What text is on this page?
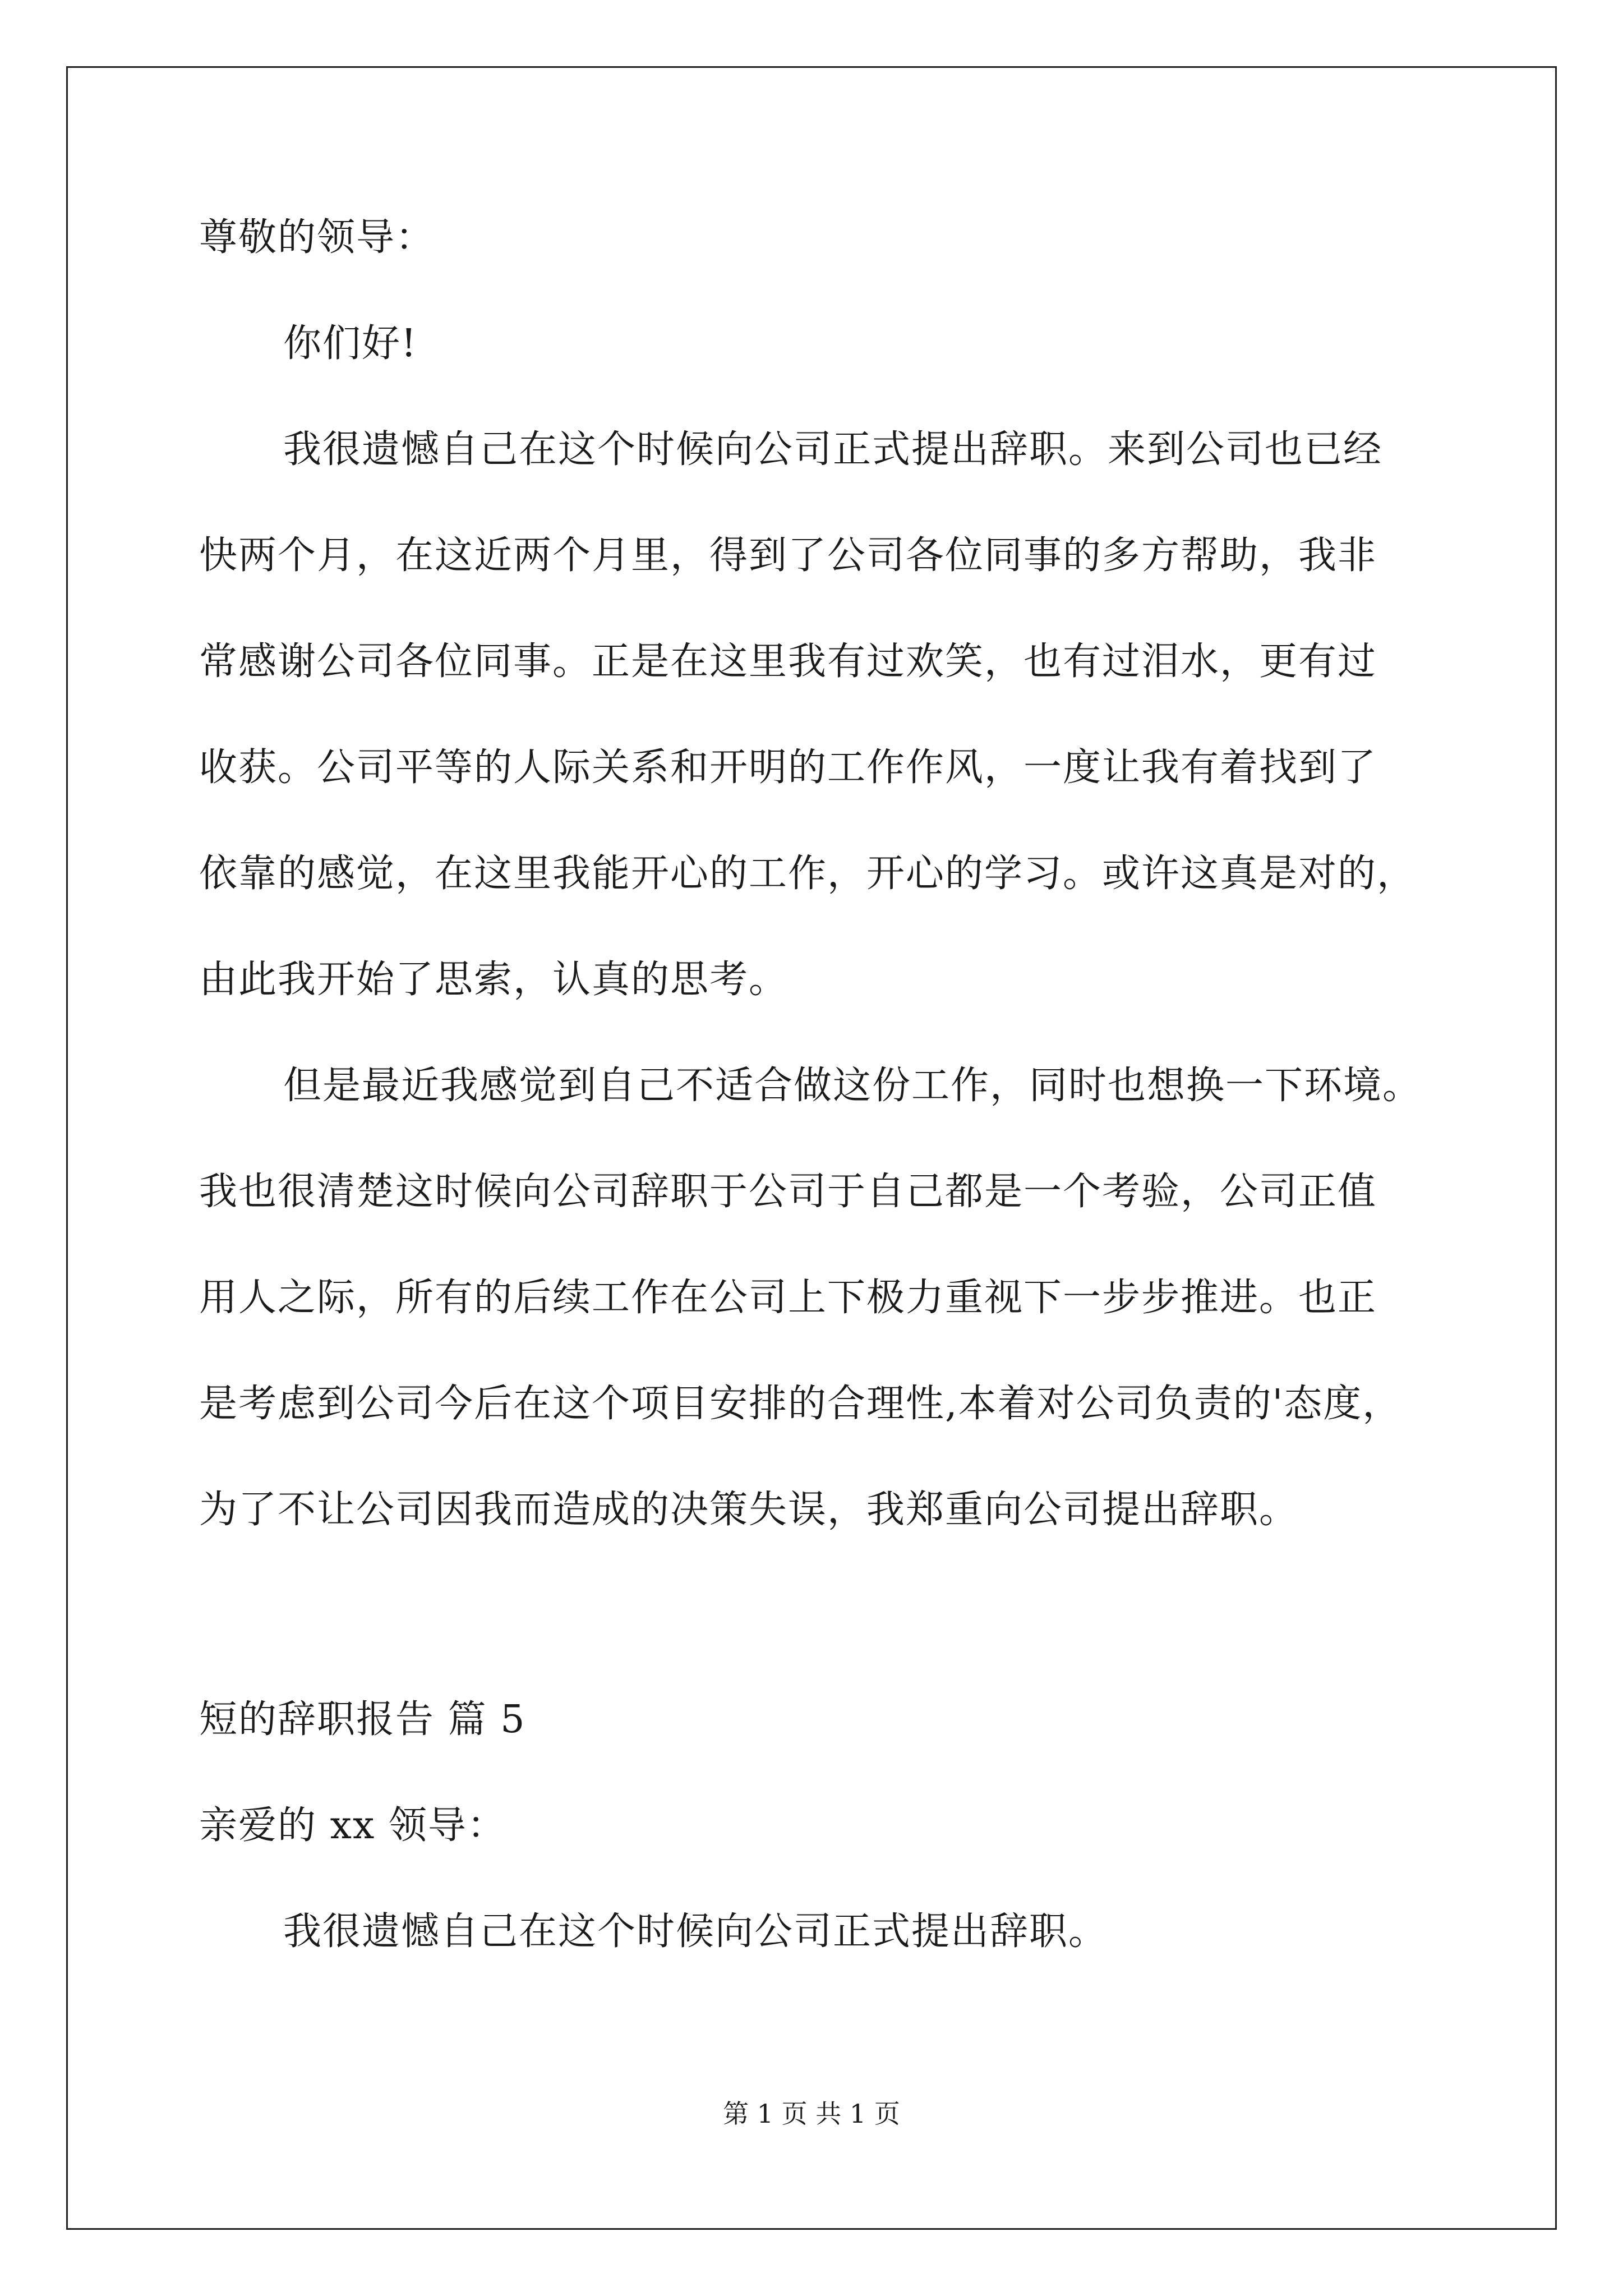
尊敬的领导：
你们好!
我很遗憾自己在这个时候向公司正式提出辞职。来到公司也已经
快两个月，在这近两个月里，得到了公司各位同事的多方帮助，我非
常感谢公司各位同事。正是在这里我有过欢笑，也有过泪水，更有过
收获。公司平等的人际关系和开明的工作作风，一度让我有着找到了
依靠的感觉，在这里我能开心的工作，开心的学习。或许这真是对的，
由此我开始了思索，认真的思考。
但是最近我感觉到自己不适合做这份工作，同时也想换一下环境。
我也很清楚这时候向公司辞职于公司于自己都是一个考验，公司正值
用人之际，所有的后续工作在公司上下极力重视下一步步推进。也正
是考虑到公司今后在这个项目安排的合理性,本着对公司负责的'态度，
为了不让公司因我而造成的决策失误，我郑重向公司提出辞职。
短的辞职报告 篇 5
亲爱的 xx 领导：
我很遗憾自己在这个时候向公司正式提出辞职。
第 1 页 共 1 页
